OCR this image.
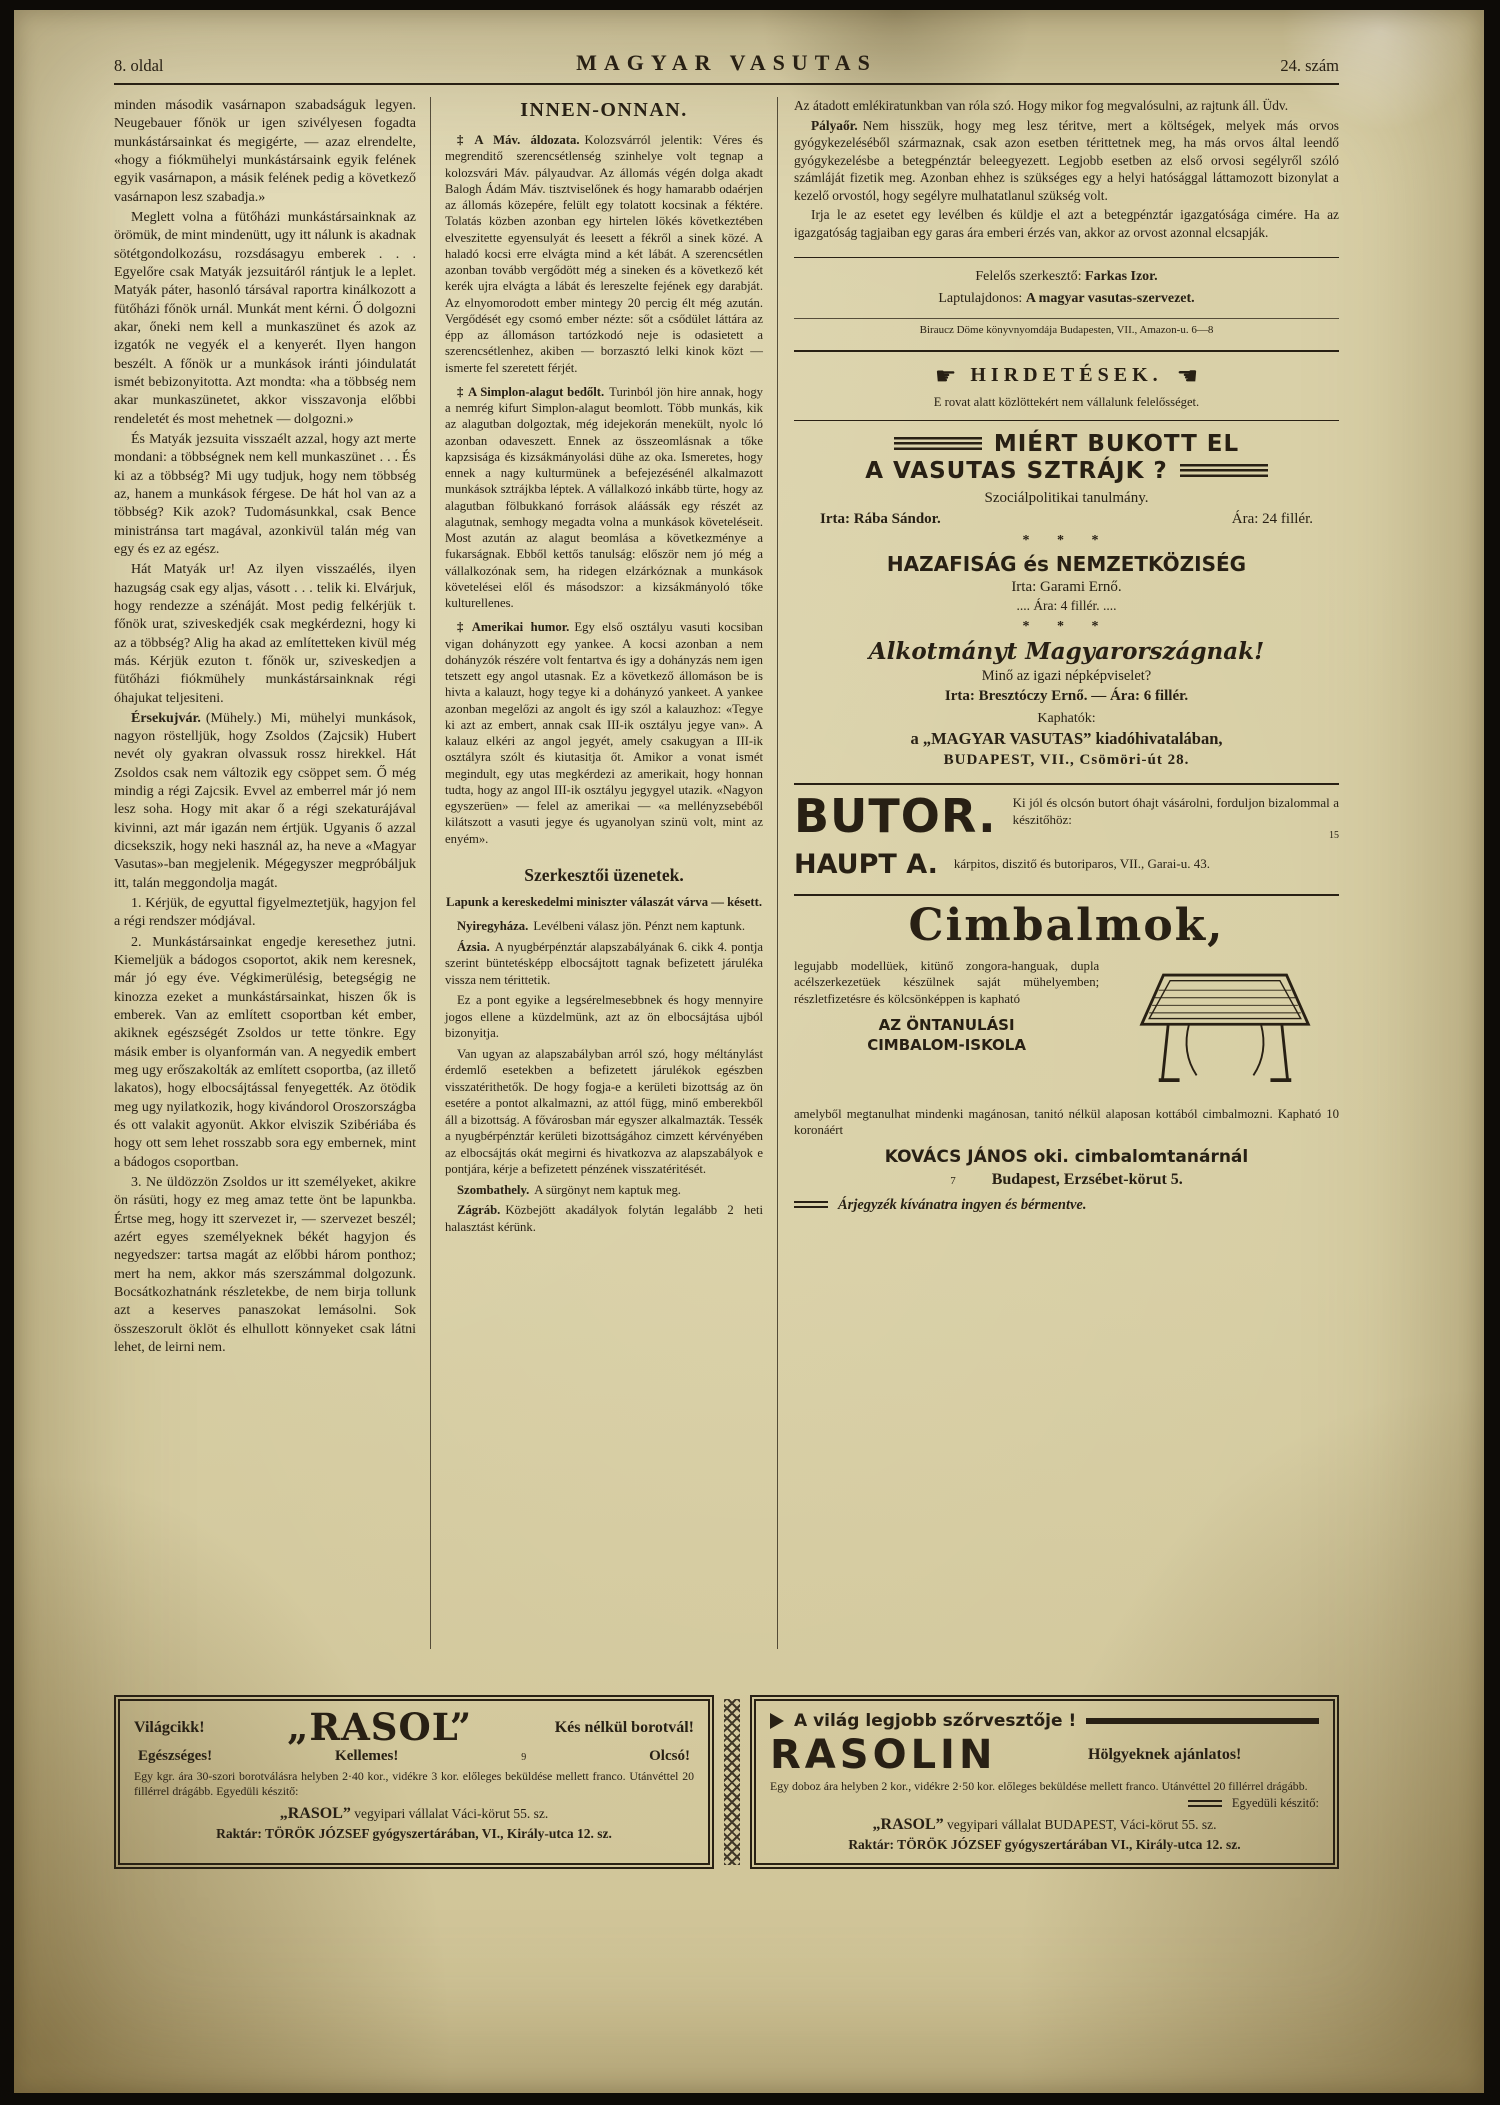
8. oldal	MAGYAR VASUTAS	24. szám

minden második vasárnapon szabadságuk legyen. Neugebauer főnök ur igen szivélyesen fogadta munkástársainkat és megigérte, — azaz elrendelte, «hogy a fiókmühelyi munkástársaink egyik felének egyik vasárnapon, a másik felének pedig a következő vasárnapon lesz szabadja.»

Meglett volna a fütőházi munkástársainknak az örömük, de mint mindenütt, ugy itt nálunk is akadnak sötétgondolkozásu, rozsdásagyu emberek . . . Egyelőre csak Matyák jezsuitáról rántjuk le a leplet. Matyák páter, hasonló társával raportra kinálkozott a fütőházi főnök urnál. Munkát ment kérni. Ő dolgozni akar, őneki nem kell a munkaszünet és azok az izgatók ne vegyék el a kenyerét. Ilyen hangon beszélt. A főnök ur a munkások iránti jóindulatát ismét bebizonyitotta. Azt mondta: «ha a többség nem akar munkaszünetet, akkor visszavonja előbbi rendeletét és most mehetnek — dolgozni.»

És Matyák jezsuita visszaélt azzal, hogy azt merte mondani: a többségnek nem kell munkaszünet . . . És ki az a többség? Mi ugy tudjuk, hogy nem többség az, hanem a munkások férgese. De hát hol van az a többség? Kik azok? Tudomásunkkal, csak Bence ministránsa tart magával, azonkivül talán még van egy és ez az egész.

Hát Matyák ur! Az ilyen visszaélés, ilyen hazugság csak egy aljas, vásott . . . telik ki. Elvárjuk, hogy rendezze a szénáját. Most pedig felkérjük t. főnök urat, sziveskedjék csak megkérdezni, hogy ki az a többség? Alig ha akad az említetteken kivül még más. Kérjük ezuton t. főnök ur, sziveskedjen a fütőházi fiókmühely munkástársainknak régi óhajukat teljesiteni.

Érsekujvár. (Mühely.) Mi, mühelyi munkások, nagyon röstelljük, hogy Zsoldos (Zajcsik) Hubert nevét oly gyakran olvassuk rossz hirekkel. Hát Zsoldos csak nem változik egy csöppet sem. Ő még mindig a régi Zajcsik. Evvel az emberrel már jó nem lesz soha. Hogy mit akar ő a régi szekaturájával kivinni, azt már igazán nem értjük. Ugyanis ő azzal dicsekszik, hogy neki használ az, ha neve a «Magyar Vasutas»-ban megjelenik. Mégegyszer megpróbáljuk itt, talán meggondolja magát.

1. Kérjük, de egyuttal figyelmeztetjük, hagyjon fel a régi rendszer módjával.

2. Munkástársainkat engedje keresethez jutni. Kiemeljük a bádogos csoportot, akik nem keresnek, már jó egy éve. Végkimerülésig, betegségig ne kinozza ezeket a munkástársainkat, hiszen ők is emberek. Van az említett csoportban két ember, akiknek egészségét Zsoldos ur tette tönkre. Egy másik ember is olyanformán van. A negyedik embert meg ugy erőszakolták az említett csoportba, (az illető lakatos), hogy elbocsájtással fenyegették. Az ötödik meg ugy nyilatkozik, hogy kivándorol Oroszországba és ott valakit agyonüt. Akkor elviszik Szibériába és hogy ott sem lehet rosszabb sora egy embernek, mint a bádogos csoportban.

3. Ne üldözzön Zsoldos ur itt személyeket, akikre ön rásüti, hogy ez meg amaz tette önt be lapunkba. Értse meg, hogy itt szervezet ir, — szervezet beszél; azért egyes személyeknek békét hagyjon és negyedszer: tartsa magát az előbbi három ponthoz; mert ha nem, akkor más szerszámmal dolgozunk. Bocsátkozhatnánk részletekbe, de nem birja tollunk azt a keserves panaszokat lemásolni. Sok összeszorult öklöt és elhullott könnyeket csak látni lehet, de leirni nem.

INNEN-ONNAN.

‡ A Máv. áldozata. Kolozsvárról jelentik: Véres és megrenditő szerencsétlenség szinhelye volt tegnap a kolozsvári Máv. pályaudvar. Az állomás végén dolga akadt Balogh Ádám Máv. tisztviselőnek és hogy hamarabb odaérjen az állomás közepére, felült egy tolatott kocsinak a féktére. Tolatás közben azonban egy hirtelen lökés következtében elveszitette egyensulyát és leesett a fékről a sinek közé. A haladó kocsi erre elvágta mind a két lábát. A szerencsétlen azonban tovább vergődött még a sineken és a következő két kerék ujra elvágta a lábát és lereszelte fejének egy darabját. Az elnyomorodott ember mintegy 20 percig élt még azután. Vergődését egy csomó ember nézte: sőt a csődület láttára az épp az állomáson tartózkodó neje is odasietett a szerencsétlenhez, akiben — borzasztó lelki kinok közt — ismerte fel szeretett férjét.

‡ A Simplon-alagut bedőlt. Turinból jön hire annak, hogy a nemrég kifurt Simplon-alagut beomlott. Több munkás, kik az alagutban dolgoztak, még idejekorán menekült, nyolc ló azonban odaveszett. Ennek az összeomlásnak a tőke kapzsisága és kizsákmányolási dühe az oka. Ismeretes, hogy ennek a nagy kulturmünek a befejezésénél alkalmazott munkások sztrájkba léptek. A vállalkozó inkább türte, hogy az alagutban fölbukkanó források aláássák egy részét az alagutnak, semhogy megadta volna a munkások követeléseit. Most azután az alagut beomlása a következménye a fukarságnak. Ebből kettős tanulság: először nem jó még a vállalkozónak sem, ha ridegen elzárkóznak a munkások követelései elől és másodszor: a kizsákmányoló tőke kulturellenes.

‡ Amerikai humor. Egy első osztályu vasuti kocsiban vigan dohányzott egy yankee. A kocsi azonban a nem dohányzók részére volt fentartva és igy a dohányzás nem igen tetszett egy angol utasnak. Ez a következő állomáson be is hivta a kalauzt, hogy tegye ki a dohányzó yankeet. A yankee azonban megelőzi az angolt és igy szól a kalauzhoz: «Tegye ki azt az embert, annak csak III-ik osztályu jegye van». A kalauz elkéri az angol jegyét, amely csakugyan a III-ik osztályra szólt és kiutasitja őt. Amikor a vonat ismét megindult, egy utas megkérdezi az amerikait, hogy honnan tudta, hogy az angol III-ik osztályu jegygyel utazik. «Nagyon egyszerüen» — felel az amerikai — «a mellényzsebéből kilátszott a vasuti jegye és ugyanolyan szinü volt, mint az enyém».

Szerkesztői üzenetek.

Lapunk a kereskedelmi miniszter válaszát várva — késett.

Nyiregyháza. Levélbeni válasz jön. Pénzt nem kaptunk.

Ázsia. A nyugbérpénztár alapszabályának 6. cikk 4. pontja szerint büntetésképp elbocsájtott tagnak befizetett járuléka vissza nem térittetik.

Ez a pont egyike a legsérelmesebbnek és hogy mennyire jogos ellene a küzdelmünk, azt az ön elbocsájtása ujból bizonyitja.

Van ugyan az alapszabályban arról szó, hogy méltánylást érdemlő esetekben a befizetett járulékok egészben visszatérithetők. De hogy fogja-e a kerületi bizottság az ön esetére a pontot alkalmazni, az attól függ, minő emberekből áll a bizottság. A fővárosban már egyszer alkalmazták. Tessék a nyugbérpénztár kerületi bizottságához cimzett kérvényében az elbocsájtás okát megirni és hivatkozva az alapszabályok e pontjára, kérje a befizetett pénzének visszatéritését.

Szombathely. A sürgönyt nem kaptuk meg.

Zágráb. Közbejött akadályok folytán legalább 2 heti halasztást kérünk.

Az átadott emlékiratunkban van róla szó. Hogy mikor fog megvalósulni, az rajtunk áll. Üdv.

Pályaőr. Nem hisszük, hogy meg lesz téritve, mert a költségek, melyek más orvos gyógykezeléséből származnak, csak azon esetben térittetnek meg, ha más orvos által leendő gyógykezelésbe a betegpénztár beleegyezett. Legjobb esetben az első orvosi segélyről szóló számláját fizetik meg. Azonban ehhez is szükséges egy a helyi hatósággal láttamozott bizonylat a kezelő orvostól, hogy segélyre mulhatatlanul szükség volt.

Irja le az esetet egy levélben és küldje el azt a betegpénztár igazgatósága cimére. Ha az igazgatóság tagjaiban egy garas ára emberi érzés van, akkor az orvost azonnal elcsapják.

Felelős szerkesztő: Farkas Izor.
Laptulajdonos: A magyar vasutas-szervezet.
Biraucz Döme könyvnyomdája Budapesten, VII., Amazon-u. 6—8
☛ HIRDETÉSEK. ☚
E rovat alatt közlöttekért nem vállalunk felelősséget.
MIÉRT BUKOTT EL
A VASUTAS SZTRÁJK ?
Szociálpolitikai tanulmány.
Irta: Rába Sándor.	Ára: 24 fillér.
* * *
HAZAFISÁG és NEMZETKÖZISÉG
Irta: Garami Ernő.
.... Ára: 4 fillér. ....
* * *
Alkotmányt Magyarországnak!
Minő az igazi népképviselet?
Irta: Bresztóczy Ernő. — Ára: 6 fillér.
Kaphatók:
a „MAGYAR VASUTAS” kiadóhivatalában,
BUDAPEST, VII., Csömöri-út 28.
BUTOR. Ki jól és olcsón butort óhajt vásárolni, forduljon bizalommal a készitőhöz:
15
HAUPT A. kárpitos, diszitő és butoriparos, VII., Garai-u. 43.
Cimbalmok,
legujabb modellüek, kitünő zongora-hanguak, dupla acélszerkezetüek készülnek saját mühelyemben; részletfizetésre és kölcsönképpen is kapható
AZ ÖNTANULÁSI
CIMBALOM-ISKOLA
amelyből megtanulhat mindenki magánosan, tanitó nélkül alaposan kottából cimbalmozni. Kapható 10 koronáért
KOVÁCS JÁNOS oki. cimbalomtanárnál
7 Budapest, Erzsébet-körut 5.
Árjegyzék kívánatra ingyen és bérmentve.
Világcikk!	„RASOL”	Kés nélkül borotvál!
Egészséges!	Kellemes!	9	Olcsó!
Egy kgr. ára 30-szori borotválásra helyben 2·40 kor., vidékre 3 kor. előleges beküldése mellett franco. Utánvéttel 20 fillérrel drágább. Egyedüli készitő:
„RASOL” vegyipari vállalat Váci-körut 55. sz.
Raktár: TÖRÖK JÓZSEF gyógyszertárában, VI., Király-utca 12. sz.
A világ legjobb szőrvesztője !
RASOLIN	Hölgyeknek ajánlatos!
Egy doboz ára helyben 2 kor., vidékre 2·50 kor. előleges beküldése mellett franco. Utánvéttel 20 fillérrel drágább.
Egyedüli készitő:
„RASOL” vegyipari vállalat BUDAPEST, Váci-körut 55. sz.
Raktár: TÖRÖK JÓZSEF gyógyszertárában VI., Király-utca 12. sz.
